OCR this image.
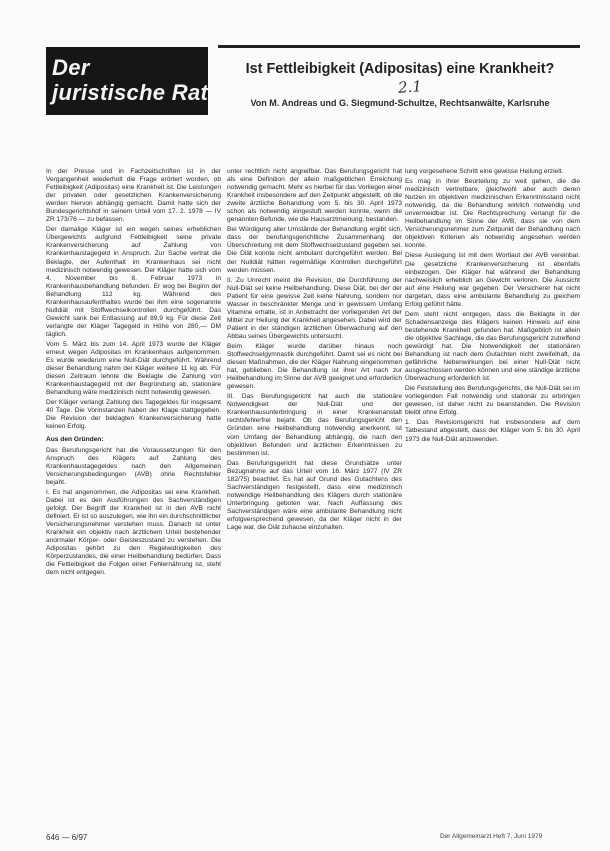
Der
juristische Rat
Ist Fettleibigkeit (Adipositas) eine Krankheit?
2.1
Von M. Andreas und G. Siegmund-Schultze, Rechtsanwälte, Karlsruhe

In der Presse und in Fachzeitschriften ist in der Vergangenheit wiederholt die Frage erörtert worden, ob Fettleibigkeit (Adipositas) eine Krankheit ist. Die Leistungen der privaten oder gesetzlichen Krankenversicherung werden hiervon abhängig gemacht. Damit hatte sich der Bundesgerichtshof in seinem Urteil vom 17. 2. 1978 — IV ZR 173/76 — zu befassen.

Der damalige Kläger ist ein wegen seines erheblichen Übergewichts aufgrund Fettleibigkeit seine private Krankenversicherung auf Zahlung von Krankenhaustagegeld in Anspruch. Zur Sache vertrat die Beklagte, der Aufenthalt im Krankenhaus sei nicht medizinisch notwendig gewesen. Der Kläger hatte sich vom 4. November bis 8. Februar 1973 in Krankenhausbehandlung befunden. Er wog bei Beginn der Behandlung 112 kg. Während des Krankenhausaufenthaltes wurde bei ihm eine sogenannte Nulldiät mit Stoffwechselkontrollen durchgeführt. Das Gewicht sank bei Entlassung auf 89,9 kg. Für diese Zeit verlangte der Kläger Tagegeld in Höhe von 280,— DM täglich.

Vom 5. März bis zum 14. April 1973 wurde der Kläger erneut wegen Adipositas im Krankenhaus aufgenommen. Es wurde wiederum eine Null-Diät durchgeführt. Während dieser Behandlung nahm der Kläger weitere 11 kg ab. Für diesen Zeitraum lehnte die Beklagte die Zahlung von Krankenhaustagegeld mit der Begründung ab, stationäre Behandlung wäre medizinisch nicht notwendig gewesen.

Der Kläger verlangt Zahlung des Tagegeldes für insgesamt 40 Tage. Die Vorinstanzen haben der Klage stattgegeben. Die Revision der beklagten Krankenversicherung hatte keinen Erfolg.

Aus den Gründen:

Das Berufungsgericht hat die Voraussetzungen für den Anspruch des Klägers auf Zahlung des Krankenhaustagegeldes nach den Allgemeinen Versicherungsbedingungen (AVB) ohne Rechtsfehler bejaht.

I. Es hat angenommen, die Adipositas sei eine Krankheit. Dabei ist es den Ausführungen des Sachverständigen gefolgt. Der Begriff der Krankheit ist in den AVB nicht definiert. Er ist so auszulegen, wie ihn ein durchschnittlicher Versicherungsnehmer verstehen muss. Danach ist unter Krankheit ein objektiv nach ärztlichem Urteil bestehender anormaler Körper- oder Geisteszustand zu verstehen. Die Adipositas gehört zu den Regelwidrigkeiten des Körperzustandes, die einer Heilbehandlung bedürfen. Dass die Fettleibigkeit die Folgen einer Fehlernährung ist, steht dem nicht entgegen.

unter rechtlich nicht angreifbar. Das Berufungsgericht hat als eine Definition der allein maßgeblichen Erreichung notwendig gemacht. Mehr es hierbei für das Vorliegen einer Krankheit insbesondere auf den Zeitpunkt abgestellt, ob die zweite ärztliche Behandlung vom 5. bis 30. April 1973 schon als notwendig eingestuft werden konnte, wenn die genannten Befunde, wie die Hausarztmeinung, bestanden.

Bei Würdigung aller Umstände der Behandlung ergibt sich, dass der berufungsgerichtliche Zusammenhang der Überschreitung mit dem Stoffwechselzustand gegeben sei. Die Diät konnte nicht ambulant durchgeführt werden. Bei der Nulldiät hätten regelmäßige Kontrollen durchgeführt werden müssen.

II. Zu Unrecht meint die Revision, die Durchführung der Null-Diät sei keine Heilbehandlung. Diese Diät, bei der der Patient für eine gewisse Zeit keine Nahrung, sondern nur Wasser in beschränkter Menge und in gewissem Umfang Vitamine erhalte, ist in Anbetracht der vorliegenden Art der Mittel zur Heilung der Krankheit angesehen. Dabei wird der Patient in der ständigen ärztlichen Überwachung auf den Abbau seines Übergewichts untersucht.

Beim Kläger wurde darüber hinaus noch Stoffwechselgymnastik durchgeführt. Damit sei es nicht bei diesen Maßnahmen, die der Kläger Nahrung eingenommen hat, geblieben. Die Behandlung ist ihrer Art nach zur Heilbehandlung im Sinne der AVB geeignet und erforderlich gewesen.

III. Das Berufungsgericht hat auch die stationäre Notwendigkeit der Null-Diät und der Krankenhausunterbringung in einer Krankenanstalt rechtsfehlerfrei bejaht. Ob das Berufungsgericht den Gründen eine Heilbehandlung notwendig anerkennt, ist vom Umfang der Behandlung abhängig, die nach den objektiven Befunden und ärztlichen Erkenntnissen zu bestimmen ist.

Das Berufungsgericht hat diese Grundsätze unter Bezugnahme auf das Urteil vom 16. März 1977 (IV ZR 182/75) beachtet. Es hat auf Grund des Gutachtens des Sachverständigen festgestellt, dass eine medizinisch notwendige Heilbehandlung des Klägers durch stationäre Unterbringung geboten war. Nach Auffassung des Sachverständigen wäre eine ambulante Behandlung nicht erfolgversprechend gewesen, da der Kläger nicht in der Lage war, die Diät zuhause einzuhalten.

lung vorgesehene Schritt eine gewisse Heilung erzielt.

Es mag in ihrer Beurteilung zu weit gehen, die die medizinisch vertretbare, gleichwohl aber auch deren Nutzen im objektiven medizinischen Erkenntnisstand nicht notwendig, da die Behandlung wirklich notwendig und unvermeidbar ist. Die Rechtsprechung verlangt für die Heilbehandlung im Sinne der AVB, dass sie von dem Versicherungsnehmer zum Zeitpunkt der Behandlung nach objektiven Kriterien als notwendig angesehen werden konnte.

Diese Auslegung ist mit dem Wortlaut der AVB vereinbar. Die gesetzliche Krankenversicherung ist ebenfalls einbezogen. Der Kläger hat während der Behandlung nachweislich erheblich an Gewicht verloren. Die Aussicht auf eine Heilung war gegeben. Der Versicherer hat nicht dargetan, dass eine ambulante Behandlung zu gleichem Erfolg geführt hätte.

Dem steht nicht entgegen, dass die Beklagte in der Schadensanzeige des Klägers keinen Hinweis auf eine bestehende Krankheit gefunden hat. Maßgeblich ist allein die objektive Sachlage, die das Berufungsgericht zutreffend gewürdigt hat. Die Notwendigkeit der stationären Behandlung ist nach dem Gutachten nicht zweifelhaft, da gefährliche Nebenwirkungen bei einer Null-Diät nicht ausgeschlossen werden können und eine ständige ärztliche Überwachung erforderlich ist.

Die Feststellung des Berufungsgerichts, die Null-Diät sei im vorliegenden Fall notwendig und stationär zu erbringen gewesen, ist daher nicht zu beanstanden. Die Revision bleibt ohne Erfolg.

1. Das Revisionsgericht hat insbesondere auf dem Tatbestand abgestellt, dass der Kläger vom 5. bis 30. April 1973 die Null-Diät anzuwenden.

646 — 6/97	Der Allgemeinarzt Heft 7, Juni 1979
